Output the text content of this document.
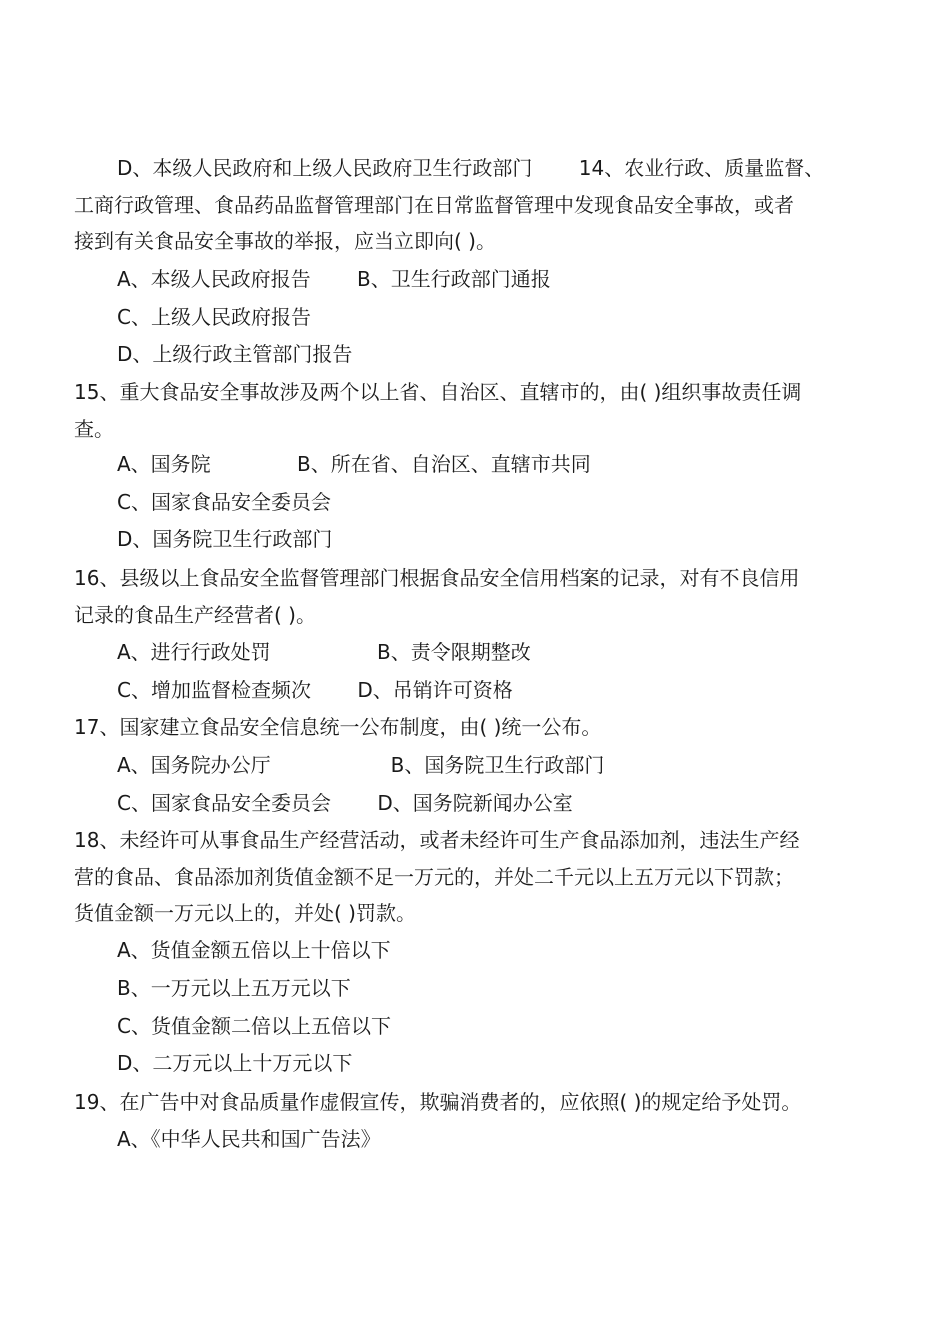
D、本级人民政府和上级人民政府卫生行政部门　　 14、农业行政、质量监督、
工商行政管理、食品药品监督管理部门在日常监督管理中发现食品安全事故，或者
接到有关食品安全事故的举报，应当立即向( )。
A、本级人民政府报告　　 B、卫生行政部门通报
C、上级人民政府报告
D、上级行政主管部门报告
15、重大食品安全事故涉及两个以上省、自治区、直辖市的，由( )组织事故责任调
查。
A、国务院　　　　 B、所在省、自治区、直辖市共同
C、国家食品安全委员会
D、国务院卫生行政部门
16、县级以上食品安全监督管理部门根据食品安全信用档案的记录，对有不良信用
记录的食品生产经营者( )。
A、进行行政处罚　　　　　 B、责令限期整改
C、增加监督检查频次　　 D、吊销许可资格
17、国家建立食品安全信息统一公布制度，由( )统一公布。
A、国务院办公厅　　　　　　B、国务院卫生行政部门
C、国家食品安全委员会　　 D、国务院新闻办公室
18、未经许可从事食品生产经营活动，或者未经许可生产食品添加剂，违法生产经
营的食品、食品添加剂货值金额不足一万元的，并处二千元以上五万元以下罚款；
货值金额一万元以上的，并处( )罚款。
A、货值金额五倍以上十倍以下
B、一万元以上五万元以下
C、货值金额二倍以上五倍以下
D、二万元以上十万元以下
19、在广告中对食品质量作虚假宣传，欺骗消费者的，应依照( )的规定给予处罚。
A、《中华人民共和国广告法》
